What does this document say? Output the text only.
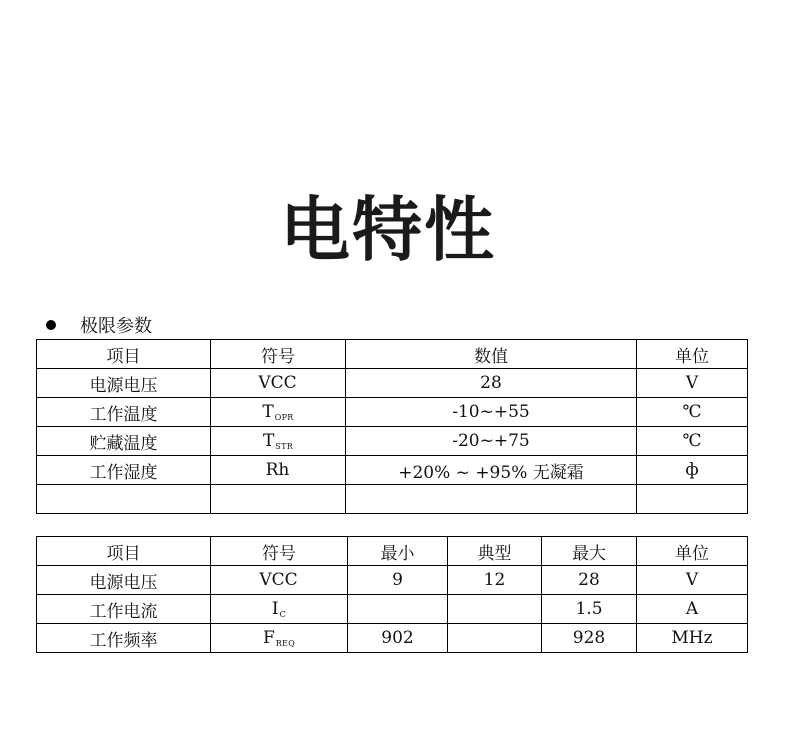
电特性
极限参数
项目	符号	数值	单位
电源电压	VCC	28	V
工作温度	$T_{OPR}$	-10~+55	℃
贮藏温度	$T_{STR}$	-20~+75	℃
工作湿度	Rh	+20% ~ +95% 无凝霜	ф

项目	符号	最小	典型	最大	单位
电源电压	VCC	9	12	28	V
工作电流	$I_C$			1.5	A
工作频率	$F_{REQ}$	902		928	MHz
